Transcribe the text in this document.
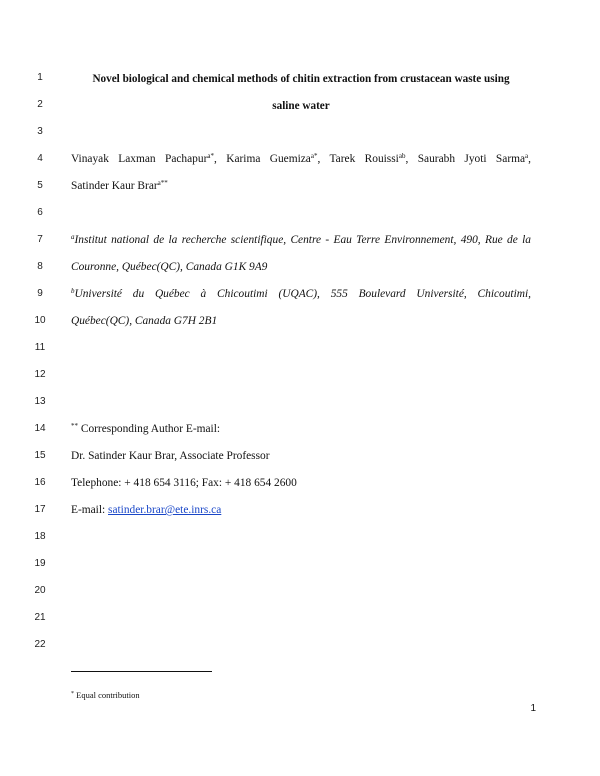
1
2
3
4
5
6
7
8
9
10
11
12
13
14
15
16
17
18
19
20
21
22
Novel biological and chemical methods of chitin extraction from crustacean waste using
saline water
Vinayak Laxman Pachapur$^{a*}$, Karima Guemiza$^{a*}$, Tarek Rouissi$^{ab}$, Saurabh Jyoti Sarma$^a$,
Satinder Kaur Brar$^{a**}$
$^a$Institut national de la recherche scientifique, Centre - Eau Terre Environnement, 490, Rue de la
Couronne, Québec(QC), Canada G1K 9A9
$^b$Université du Québec à Chicoutimi (UQAC), 555 Boulevard Université, Chicoutimi,
Québec(QC), Canada G7H 2B1
** Corresponding Author E-mail:
Dr. Satinder Kaur Brar, Associate Professor
Telephone: + 418 654 3116; Fax: + 418 654 2600
E-mail: satinder.brar@ete.inrs.ca
* Equal contribution
1
